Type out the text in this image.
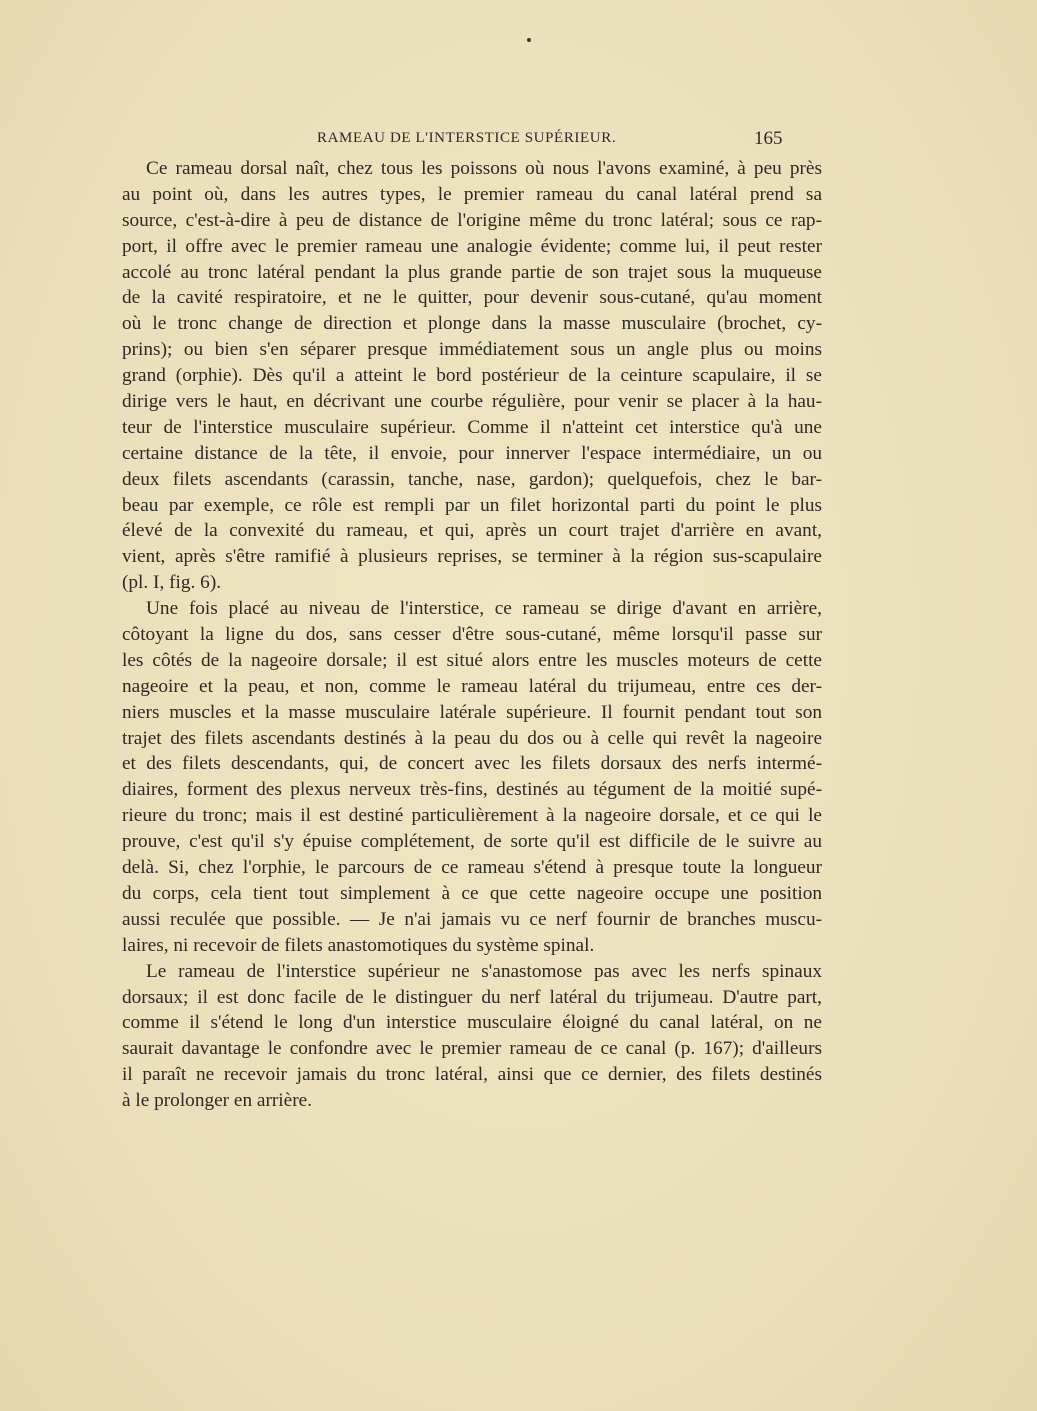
RAMEAU DE L'INTERSTICE SUPÉRIEUR.	165
Ce rameau dorsal naît, chez tous les poissons où nous l'avons examiné, à peu près
au point où, dans les autres types, le premier rameau du canal latéral prend sa
source, c'est-à-dire à peu de distance de l'origine même du tronc latéral; sous ce rap-
port, il offre avec le premier rameau une analogie évidente; comme lui, il peut rester
accolé au tronc latéral pendant la plus grande partie de son trajet sous la muqueuse
de la cavité respiratoire, et ne le quitter, pour devenir sous-cutané, qu'au moment
où le tronc change de direction et plonge dans la masse musculaire (brochet, cy-
prins); ou bien s'en séparer presque immédiatement sous un angle plus ou moins
grand (orphie). Dès qu'il a atteint le bord postérieur de la ceinture scapulaire, il se
dirige vers le haut, en décrivant une courbe régulière, pour venir se placer à la hau-
teur de l'interstice musculaire supérieur. Comme il n'atteint cet interstice qu'à une
certaine distance de la tête, il envoie, pour innerver l'espace intermédiaire, un ou
deux filets ascendants (carassin, tanche, nase, gardon); quelquefois, chez le bar-
beau par exemple, ce rôle est rempli par un filet horizontal parti du point le plus
élevé de la convexité du rameau, et qui, après un court trajet d'arrière en avant,
vient, après s'être ramifié à plusieurs reprises, se terminer à la région sus-scapulaire
(pl. I, fig. 6).
Une fois placé au niveau de l'interstice, ce rameau se dirige d'avant en arrière,
côtoyant la ligne du dos, sans cesser d'être sous-cutané, même lorsqu'il passe sur
les côtés de la nageoire dorsale; il est situé alors entre les muscles moteurs de cette
nageoire et la peau, et non, comme le rameau latéral du trijumeau, entre ces der-
niers muscles et la masse musculaire latérale supérieure. Il fournit pendant tout son
trajet des filets ascendants destinés à la peau du dos ou à celle qui revêt la nageoire
et des filets descendants, qui, de concert avec les filets dorsaux des nerfs intermé-
diaires, forment des plexus nerveux très-fins, destinés au tégument de la moitié supé-
rieure du tronc; mais il est destiné particulièrement à la nageoire dorsale, et ce qui le
prouve, c'est qu'il s'y épuise complétement, de sorte qu'il est difficile de le suivre au
delà. Si, chez l'orphie, le parcours de ce rameau s'étend à presque toute la longueur
du corps, cela tient tout simplement à ce que cette nageoire occupe une position
aussi reculée que possible. — Je n'ai jamais vu ce nerf fournir de branches muscu-
laires, ni recevoir de filets anastomotiques du système spinal.
Le rameau de l'interstice supérieur ne s'anastomose pas avec les nerfs spinaux
dorsaux; il est donc facile de le distinguer du nerf latéral du trijumeau. D'autre part,
comme il s'étend le long d'un interstice musculaire éloigné du canal latéral, on ne
saurait davantage le confondre avec le premier rameau de ce canal (p. 167); d'ailleurs
il paraît ne recevoir jamais du tronc latéral, ainsi que ce dernier, des filets destinés
à le prolonger en arrière.
